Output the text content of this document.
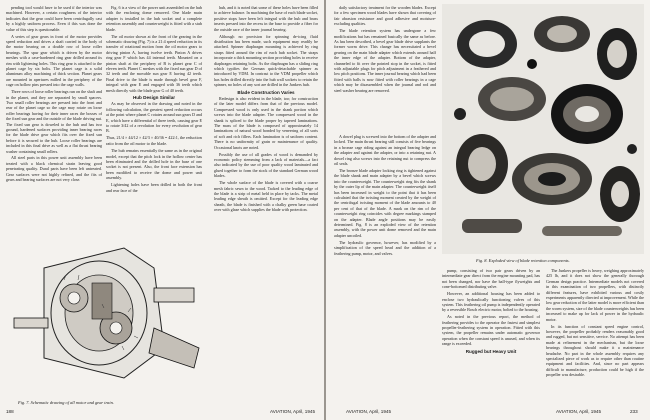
pending tool would have to be used if the interior was machined. However, a certain roughness of the interior indicates that the gear could have been centrifugally cast by a highly uniform process. Even if this was done the value of this step is questionable.

A series of gear gears in front of the motor provides speed reduction and drives a shaft carried in the body of the motor bearing on a double row of loose roller bearings. The spur gear which is driven by the motor meshes with a case-hardened ring gear drilled around its rim with lightening holes. This ring gear is attached to the planet cage by six bolts. The planet cage is a solid aluminum alloy machining of thick section. Planet gears are mounted in apertures milled in the periphery of the cage on hollow pins pressed into the cage walls.

Three rows of loose roller bearings run on the shaft and in the planet, and they are separated by small spacers. Two small roller bearings are pressed into the front and rear of the planet cage so the cage may rotate on loose roller bearings having for their inner races the bosses of the fixed sun gear and the outside of the blade driving nut. The fixed sun gear is doweled to the hub and has two ground, hardened surfaces providing inner bearing races for the blade drive gear which fits over the fixed sun before it is secured to the hub. Loose roller bearings are included in this final drive as well as a flat thrust bearing washer containing small rollers.

All steel parts in this power unit assembly have been treated with a black chemical strain leaving good penetrating quality. Dural parts have been left untreated. Gear surfaces were not highly refined, and the fits of gears and bearing surfaces are not very close.

Fig. 6 is a view of the power unit assembled on the hub with the enclosing dome removed. One blade main adapter is installed in the hub socket and a complete retention assembly and counterweight is fitted with a stub blade.

The oil motor shown at the front of the gearing in the schematic drawing (Fig. 7) is a 21:4 speed reduction in its transfer of rotational motion from the oil motor gears to driving pinion A, having twelve teeth. Pinion A drives ring gear F which has 44 internal teeth. Mounted on a pinion shaft at the periphery of B is planet gear C of eleven teeth. Planet C meshes with the fixed sun gear D of 32 teeth and the movable sun gear E having 42 teeth. Final drive to the blade is made through bevel gear F, integral with gear E and engaged with 36 teeth which mesh directly with the blade gear G of 40 teeth.

Hub Design Similar

As may be observed in the drawing and noted in the following calculation, the greatest speed reduction occurs at the point where planet C rotates around sun gears D and E, which have a differential of three teeth, causing gear E to rotate 3/42 of a revolution for every revolution of gear B.

Thus, 21/4 × 44/12 × 42/3 × 40/36 = 422:1, the reduction ratio from the oil motor to the blade.

The hub remains essentially the same as in the original model, except that the pitch lock in the hollow center has been eliminated and the drilled hole in the base of one socket is not present. Also, the front face extension has been modified to receive the dome and power unit assembly.

Lightening holes have been drilled in both the front and rear face of the

Fig. 7. Schematic drawing of all motor and gear train.
188	AVIATION, April, 1945

hub, and it is noted that some of these holes have been filled to achieve balance. In machining the base of each blade socket, positive stops have been left integral with the hub and brass inserts pressed into the recess in the base to provide a fiber for the outside race of the inner journal bearing.

Although no provision for spinning de-icing fluid distribution has been made, such equipment may readily be attached. Spinner diaphragm mounting is achieved by ring straps fitted around the rim of each hub socket. The straps incorporate a thick mounting section providing holes to receive diaphragm retaining bolts. As the diaphragm has a sliding ring which typifies the German quick-detachable spinner as introduced by VDM. In contrast to the VDM propeller which has holes drilled directly into the hub wall sockets to retain the spinner, no holes of any sort are drilled in the Junkers hub.

Blade Construction Varies

Redesign is also evident in the blade, too; for construction of the later model differs from that of the previous model. Compressed wood is only used in the shank portion which screws into the blade adapter. The compressed wood in the shank is spliced to the blade proper by tapered laminations. The mass of the blade is composed of approximately 14 laminations of natural wood bonded by veneering of all sorts of soft and rich fillers. Each lamination is of uniform content. There is no uniformity of grain or maintenance of quality. Occasional knots are noted.

Possibly the use of all grades of wood is demanded by economic policy stemming from a lack of materials—a fact also indicated by the use of poor quality wood laminated and glued together to form the stock of the standard German wood blades.

The whole surface of the blade is covered with a coarse mesh fabric sewn to the wood. Tacked to the leading edge of the blade is a strip of metal held in place by tacks. The metal leading edge sheath is omitted. Except for the leading edge sheath, the blade is finished with a chalky green base coated over with glaze which supplies the blade with protection.

daily satisfactory treatment for the wooden blades. Except for a few specimen wood blades have shown that covering of fair abrasion resistance and good adhesive and moisture-excluding qualities.

The blade retention system has undergone a few modifications but has remained basically the same as before. As has been described, a bevel gear blade drive supplants the former worm drive. This change has necessitated a bevel gearing on the main blade adapter which extends around half the inner edge of the adapter. Bottom of the adapter, channeled to fit over the pointed stop in the socket, is fitted with adjustable plugs for pitch adjustment in a feathered and low pitch positions. The inner journal bearing which had been fitted with balls is now fitted with roller bearings in a cage which may be disassembled when the journal and rod and steel washer bearing are removed.

Fig. 8. Exploded view of blade retention components.

A dowel plug is screwed into the bottom of the adapter and locked. The main thrust bearing still consists of five bearings in a bronze cage riding against an integral bearing ledge on the adapter and against the adapter, or into a retaining nut. A dowel ring also screws into the retaining nut to compress the oil seals.

The bronze blade adapter locking ring is tightened against the blade shank and main adapter by a bevel which screws into the counterweight. The counterweight ring fits the shank by the outer lip of the main adapter. The counterweight itself has been increased in weight to the point that it has been calculated that the twisting moment created by the weight of the centrifugal twisting moment of the blade amounts to 40 per cent of that of the blade. A mark on the rim of the counterweight ring coincides with degree markings stamped on the adapter. Blade angle positions may be easily determined. Fig. 8 is an exploded view of the retention assembly, with the power unit dome removed and the main adapter uncoiled.

The hydraulic governor, however, has modified by a simplification of the speed head and the addition of a feathering pump, motor, and valves.

pump, consisting of two pair gears driven by an intermediate gear direct from the engine mounting pad, has not been changed, nor have the ball-type flyweights and cone-bottomed distributing valve.

However, an additional housing has been added to enclose two hydraulically functioning valves of this system. This feathering oil pump is independently operated by a reversible Bosch electric motor, bolted to the housing.

As noted in the previous report, the method of feathering provides to the operator the fastest and simplest propeller-feathering system in operation. Fitted with this system, the propeller remains under automatic governor operation when the constant speed is unused, and when its range is exceeded.

Rugged but Heavy Unit

The Junkers propeller is heavy, weighing approximately 425 lb, and it does not show the generally thorough German design practice. Intermediate models not covered in this examination of two propellers, with distinctly different features, have exhibited various and costly experiments apparently directed at improvement. While the low gear reduction of the latter model is more efficient than the worm system, size of the blade counterweights has been increased to make up for lack of power in the hydraulic motor.

In its function of constant speed engine control, however, the propeller probably renders reasonably good and rugged, but not sensitive, service. No attempt has been made at refinement in the mechanism, but the loose bearings throughout should make it a maintenance headache. No part in the whole assembly requires any specialized piece of work as to require other than routine equipment and facilities. And, since no part appears difficult to manufacture, production could be high if the propeller was desirable.

AVIATION, April, 1945	AVIATION, April, 1945	233
